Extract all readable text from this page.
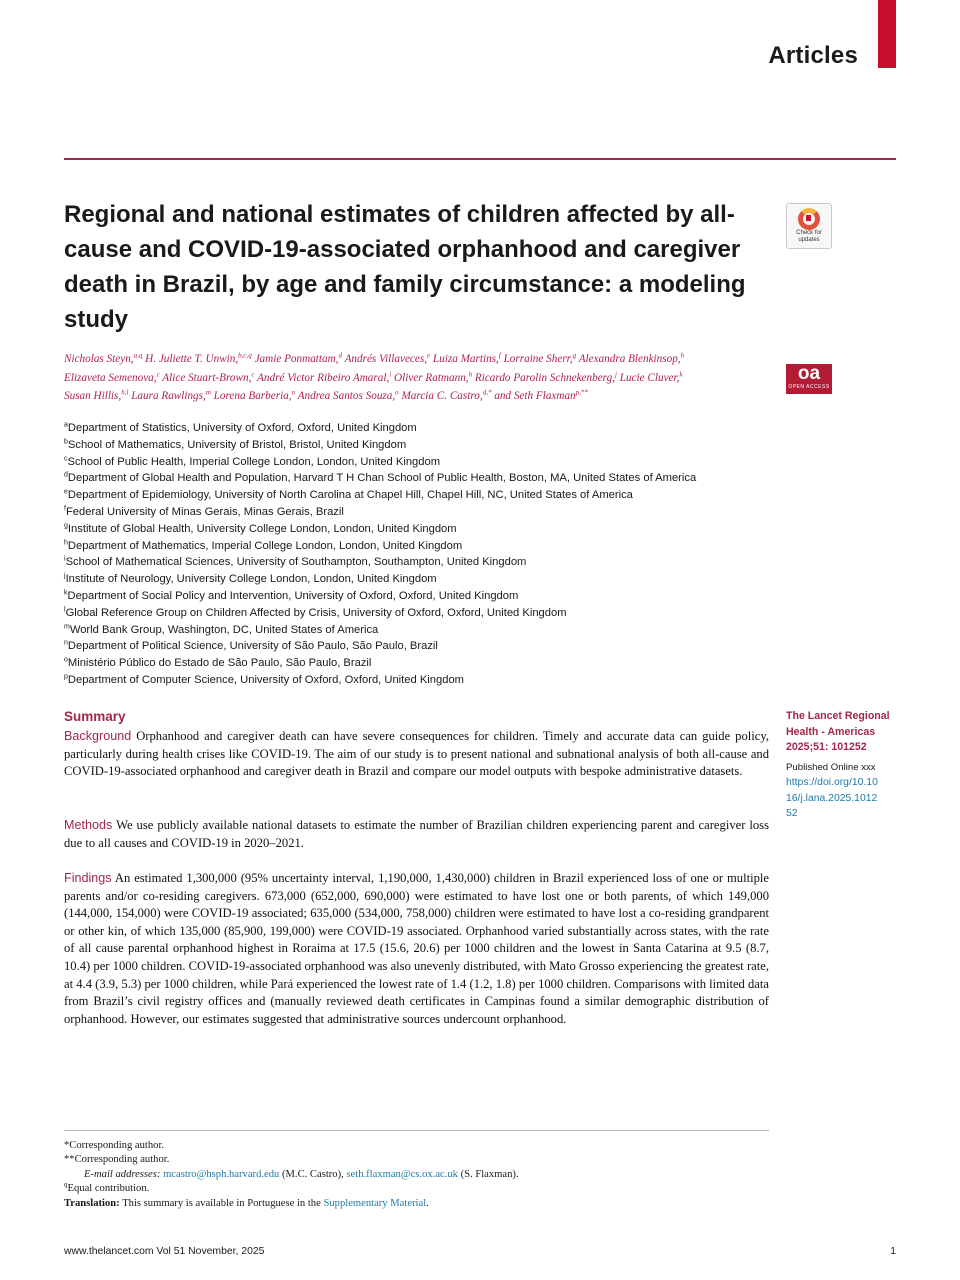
Articles
Regional and national estimates of children affected by all-cause and COVID-19-associated orphanhood and caregiver death in Brazil, by age and family circumstance: a modeling study
Check for
updates
oa
OPEN ACCESS
Nicholas Steyn,$^{a,q}$ H. Juliette T. Unwin,$^{b,c,q}$ Jamie Ponmattam,$^d$ Andrés Villaveces,$^e$ Luiza Martins,$^f$ Lorraine Sherr,$^g$ Alexandra Blenkinsop,$^h$
Elizaveta Semenova,$^c$ Alice Stuart-Brown,$^c$ André Victor Ribeiro Amaral,$^i$ Oliver Ratmann,$^h$ Ricardo Parolin Schnekenberg,$^j$ Lucie Cluver,$^k$
Susan Hillis,$^{h,l}$ Laura Rawlings,$^m$ Lorena Barberia,$^n$ Andrea Santos Souza,$^o$ Marcia C. Castro,$^{d,*}$ and Seth Flaxman$^{p,**}$
$^a$Department of Statistics, University of Oxford, Oxford, United Kingdom
$^b$School of Mathematics, University of Bristol, Bristol, United Kingdom
$^c$School of Public Health, Imperial College London, London, United Kingdom
$^d$Department of Global Health and Population, Harvard T H Chan School of Public Health, Boston, MA, United States of America
$^e$Department of Epidemiology, University of North Carolina at Chapel Hill, Chapel Hill, NC, United States of America
$^f$Federal University of Minas Gerais, Minas Gerais, Brazil
$^g$Institute of Global Health, University College London, London, United Kingdom
$^h$Department of Mathematics, Imperial College London, London, United Kingdom
$^i$School of Mathematical Sciences, University of Southampton, Southampton, United Kingdom
$^j$Institute of Neurology, University College London, London, United Kingdom
$^k$Department of Social Policy and Intervention, University of Oxford, Oxford, United Kingdom
$^l$Global Reference Group on Children Affected by Crisis, University of Oxford, Oxford, United Kingdom
$^m$World Bank Group, Washington, DC, United States of America
$^n$Department of Political Science, University of São Paulo, São Paulo, Brazil
$^o$Ministério Público do Estado de São Paulo, São Paulo, Brazil
$^p$Department of Computer Science, University of Oxford, Oxford, United Kingdom
Summary

Background Orphanhood and caregiver death can have severe consequences for children. Timely and accurate data can guide policy, particularly during health crises like COVID-19. The aim of our study is to present national and subnational analysis of both all-cause and COVID-19-associated orphanhood and caregiver death in Brazil and compare our model outputs with bespoke administrative datasets.

Methods We use publicly available national datasets to estimate the number of Brazilian children experiencing parent and caregiver loss due to all causes and COVID-19 in 2020–2021.

Findings An estimated 1,300,000 (95% uncertainty interval, 1,190,000, 1,430,000) children in Brazil experienced loss of one or multiple parents and/or co-residing caregivers. 673,000 (652,000, 690,000) were estimated to have lost one or both parents, of which 149,000 (144,000, 154,000) were COVID-19 associated; 635,000 (534,000, 758,000) children were estimated to have lost a co-residing grandparent or other kin, of which 135,000 (85,900, 199,000) were COVID-19 associated. Orphanhood varied substantially across states, with the rate of all cause parental orphanhood highest in Roraima at 17.5 (15.6, 20.6) per 1000 children and the lowest in Santa Catarina at 9.5 (8.7, 10.4) per 1000 children. COVID-19-associated orphanhood was also unevenly distributed, with Mato Grosso experiencing the greatest rate, at 4.4 (3.9, 5.3) per 1000 children, while Pará experienced the lowest rate of 1.4 (1.2, 1.8) per 1000 children. Comparisons with limited data from Brazil’s civil registry offices and (manually reviewed death certificates in Campinas found a similar demographic distribution of orphanhood. However, our estimates suggested that administrative sources undercount orphanhood.

The Lancet Regional Health - Americas 2025;51: 101252
Published Online xxx
https://doi.org/10.1016/j.lana.2025.101252
*Corresponding author.
**Corresponding author.
E-mail addresses: mcastro@hsph.harvard.edu (M.C. Castro), seth.flaxman@cs.ox.ac.uk (S. Flaxman).
$^q$Equal contribution.
Translation: This summary is available in Portuguese in the Supplementary Material.
www.thelancet.com Vol 51 November, 2025	1
